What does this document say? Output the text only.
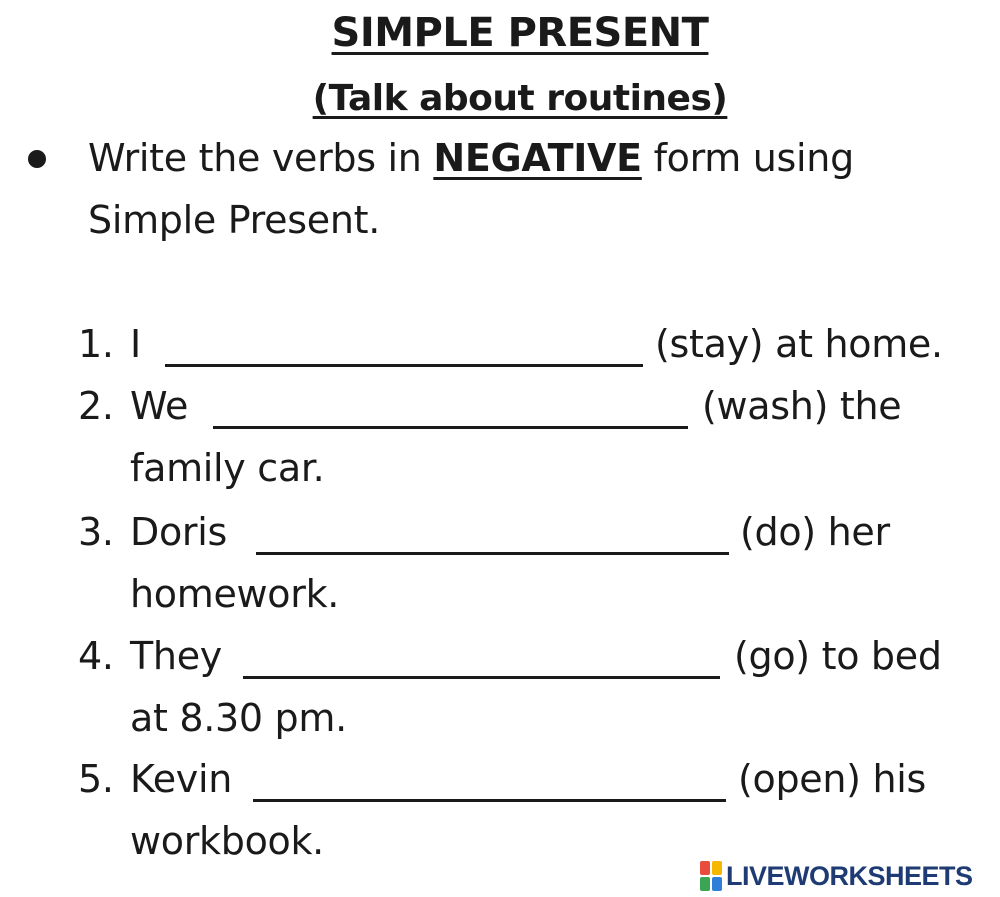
SIMPLE PRESENT
(Talk about routines)
Write the verbs in NEGATIVE form using
Simple Present.
1. I	(stay) at home.
2. We	(wash) the
family car.
3. Doris	(do) her
homework.
4. They	(go) to bed
at 8.30 pm.
5. Kevin	(open) his
workbook.
LIVEWORKSHEETS
